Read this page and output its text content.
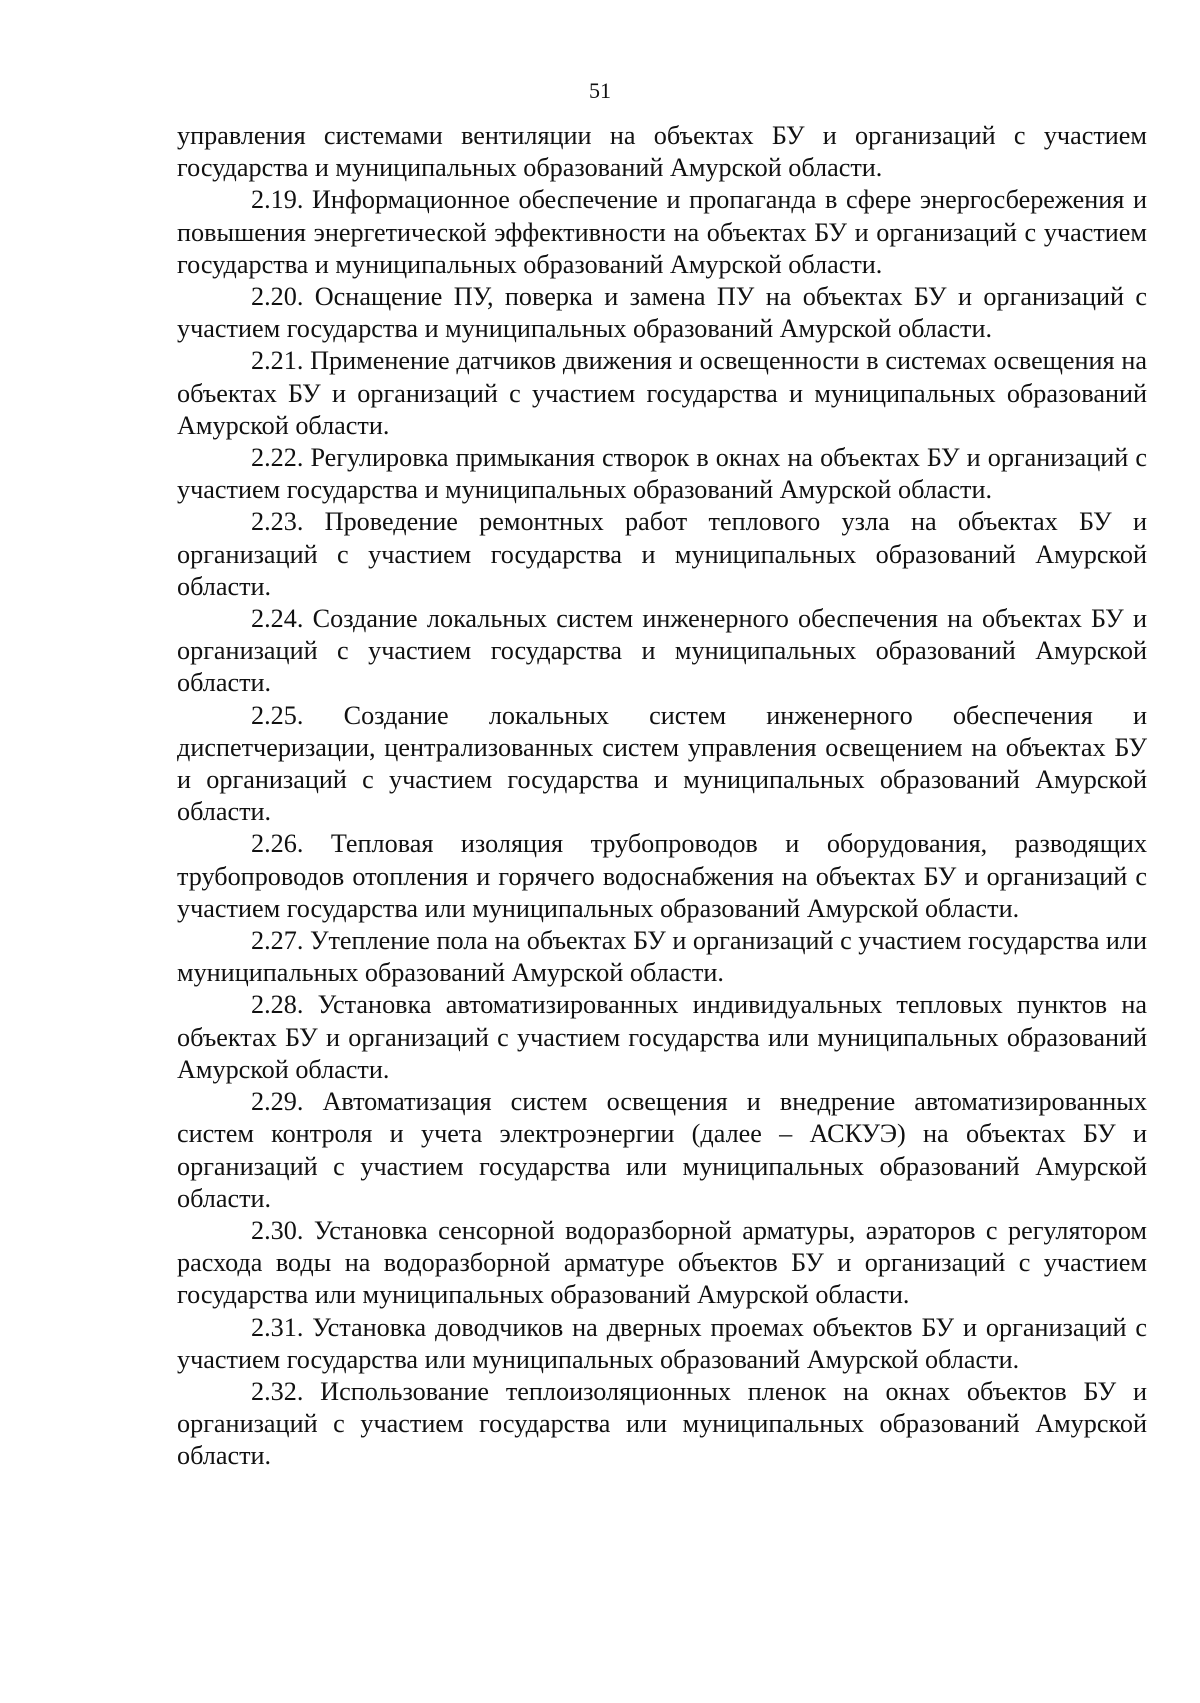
51

управления системами вентиляции на объектах БУ и организаций с участием государства и муниципальных образований Амурской области.

2.19. Информационное обеспечение и пропаганда в сфере энергосбережения и повышения энергетической эффективности на объектах БУ и организаций с участием государства и муниципальных образований Амурской области.

2.20. Оснащение ПУ, поверка и замена ПУ на объектах БУ и организаций с участием государства и муниципальных образований Амурской области.

2.21. Применение датчиков движения и освещенности в системах освещения на объектах БУ и организаций с участием государства и муниципальных образований Амурской области.

2.22. Регулировка примыкания створок в окнах на объектах БУ и организаций с участием государства и муниципальных образований Амурской области.

2.23. Проведение ремонтных работ теплового узла на объектах БУ и организаций с участием государства и муниципальных образований Амурской области.

2.24. Создание локальных систем инженерного обеспечения на объектах БУ и организаций с участием государства и муниципальных образований Амурской области.

2.25. Создание локальных систем инженерного обеспечения и диспетчеризации, централизованных систем управления освещением на объектах БУ и организаций с участием государства и муниципальных образований Амурской области.

2.26. Тепловая изоляция трубопроводов и оборудования, разводящих трубопроводов отопления и горячего водоснабжения на объектах БУ и организаций с участием государства или муниципальных образований Амурской области.

2.27. Утепление пола на объектах БУ и организаций с участием государства или муниципальных образований Амурской области.

2.28. Установка автоматизированных индивидуальных тепловых пунктов на объектах БУ и организаций с участием государства или муниципальных образований Амурской области.

2.29. Автоматизация систем освещения и внедрение автоматизированных систем контроля и учета электроэнергии (далее – АСКУЭ) на объектах БУ и организаций с участием государства или муниципальных образований Амурской области.

2.30. Установка сенсорной водоразборной арматуры, аэраторов с регулятором расхода воды на водоразборной арматуре объектов БУ и организаций с участием государства или муниципальных образований Амурской области.

2.31. Установка доводчиков на дверных проемах объектов БУ и организаций с участием государства или муниципальных образований Амурской области.

2.32. Использование теплоизоляционных пленок на окнах объектов БУ и организаций с участием государства или муниципальных образований Амурской области.
